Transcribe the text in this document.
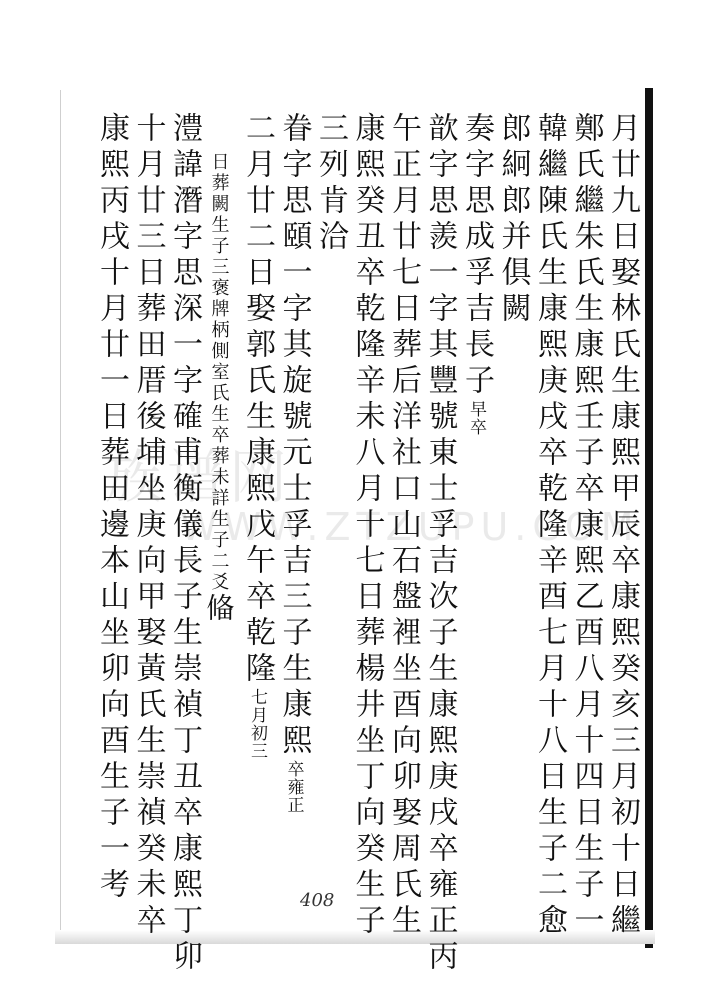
族谱网
WWW.ZTZUPU.COM
月廿九日娶林氏生康熙甲辰卒康熙癸亥三月初十日繼
鄭氏繼朱氏生康熙壬子卒康熙乙酉八月十四日生子一
韓繼陳氏生康熙庚戌卒乾隆辛酉七月十八日生子二愈
郎絅郎并俱闕
奏字思成孚吉長子早卒
歆字思羨一字其豐號東士孚吉次子生康熙庚戌卒雍正丙
午正月廿七日葬后洋社口山石盤裡坐酉向卯娶周氏生
康熙癸丑卒乾隆辛未八月十七日葬楊井坐丁向癸生子
三列肯洽
眷字思頤一字其旋號元士孚吉三子生康熙卒雍正
二月廿二日娶郭氏生康熙戊午卒乾隆七月初三
日葬闕生子三褒牌柄側室氏生卒葬未詳生子二爻偹
澧諱潛字思深一字確甫衡儀長子生崇禎丁丑卒康熙丁卯
十月廿三日葬田厝後埔坐庚向甲娶黃氏生崇禎癸未卒
康熙丙戌十月廿一日葬田邊本山坐卯向酉生子一考	408
